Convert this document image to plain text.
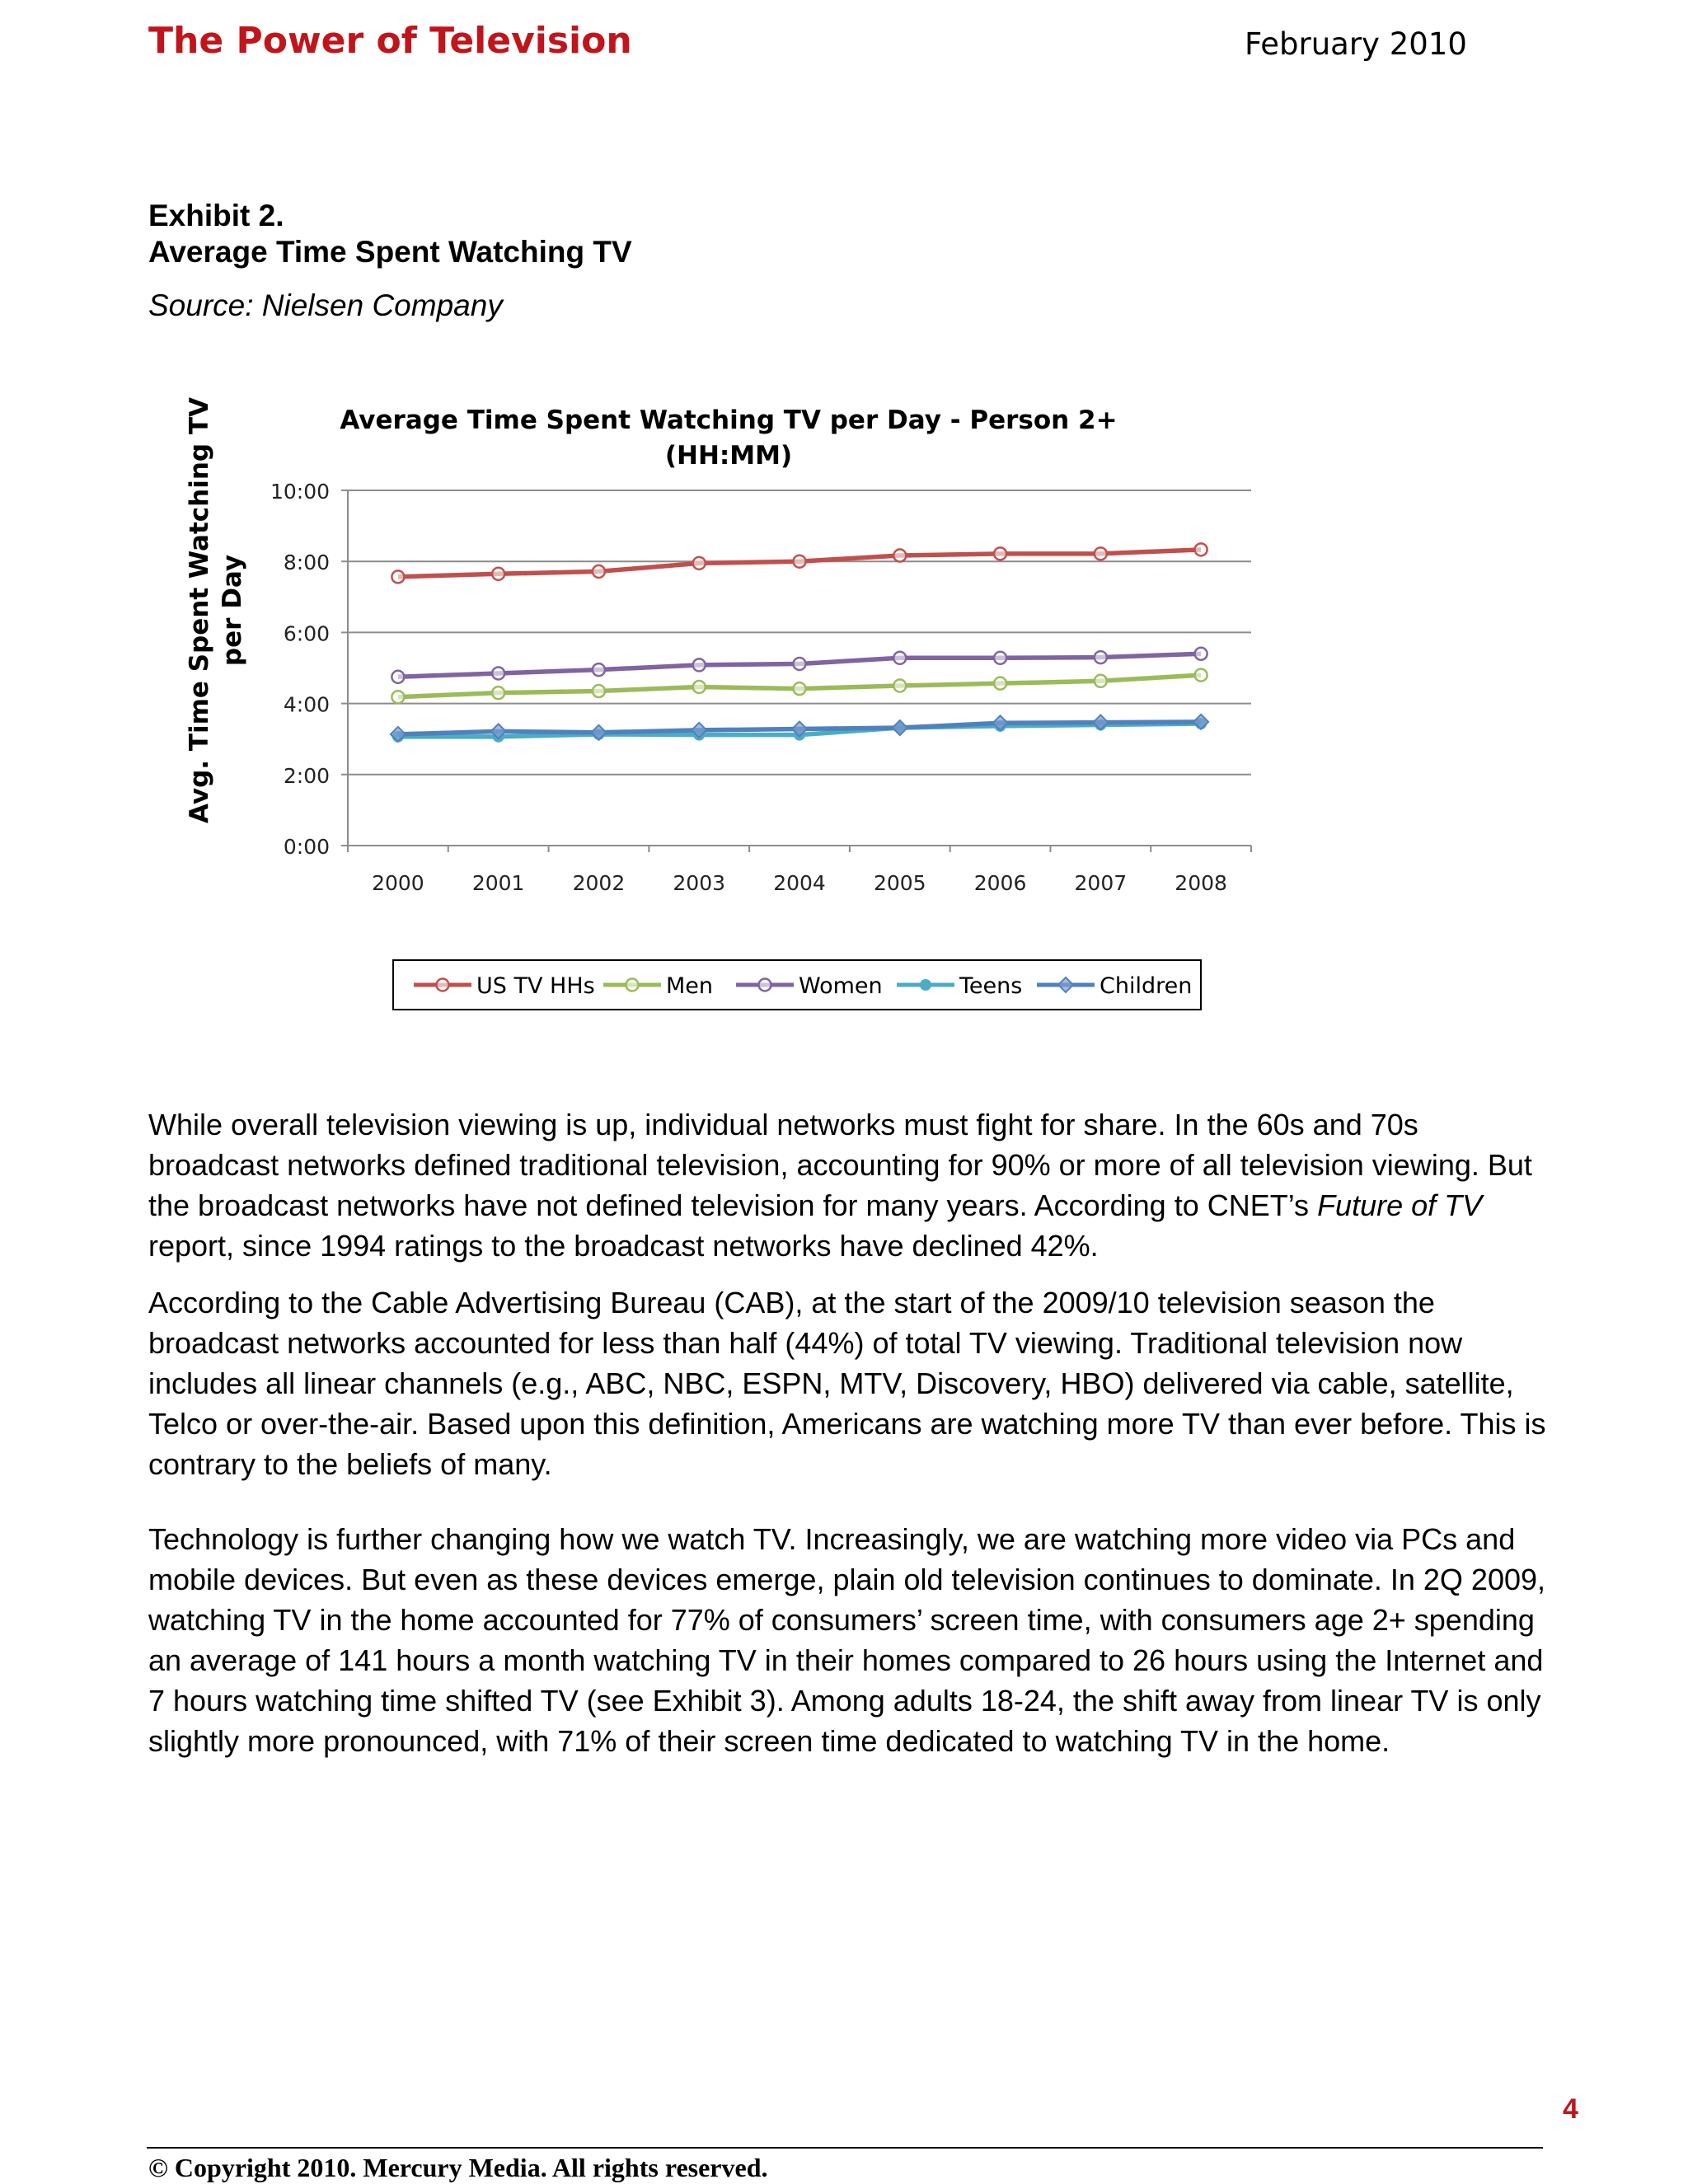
The Power of Television	February 2010
Exhibit 2.
Average Time Spent Watching TV
Source: Nielsen Company
Average Time Spent Watching TV per Day - Person 2+
(HH:MM)
Avg. Time Spent Watching TV per Day
0:00
2:00
4:00
6:00
8:00
10:00
2000 2001 2002 2003 2004 2005 2006 2007 2008
US TV HHs	Men	Women	Teens	Children
While overall television viewing is up, individual networks must fight for share. In the 60s and 70s broadcast networks defined traditional television, accounting for 90% or more of all television viewing. But the broadcast networks have not defined television for many years. According to CNET’s Future of TV report, since 1994 ratings to the broadcast networks have declined 42%.
According to the Cable Advertising Bureau (CAB), at the start of the 2009/10 television season the broadcast networks accounted for less than half (44%) of total TV viewing. Traditional television now includes all linear channels (e.g., ABC, NBC, ESPN, MTV, Discovery, HBO) delivered via cable, satellite, Telco or over-the-air. Based upon this definition, Americans are watching more TV than ever before. This is contrary to the beliefs of many.
Technology is further changing how we watch TV. Increasingly, we are watching more video via PCs and mobile devices. But even as these devices emerge, plain old television continues to dominate. In 2Q 2009, watching TV in the home accounted for 77% of consumers’ screen time, with consumers age 2+ spending an average of 141 hours a month watching TV in their homes compared to 26 hours using the Internet and 7 hours watching time shifted TV (see Exhibit 3). Among adults 18-24, the shift away from linear TV is only slightly more pronounced, with 71% of their screen time dedicated to watching TV in the home.
4
© Copyright 2010. Mercury Media. All rights reserved.
